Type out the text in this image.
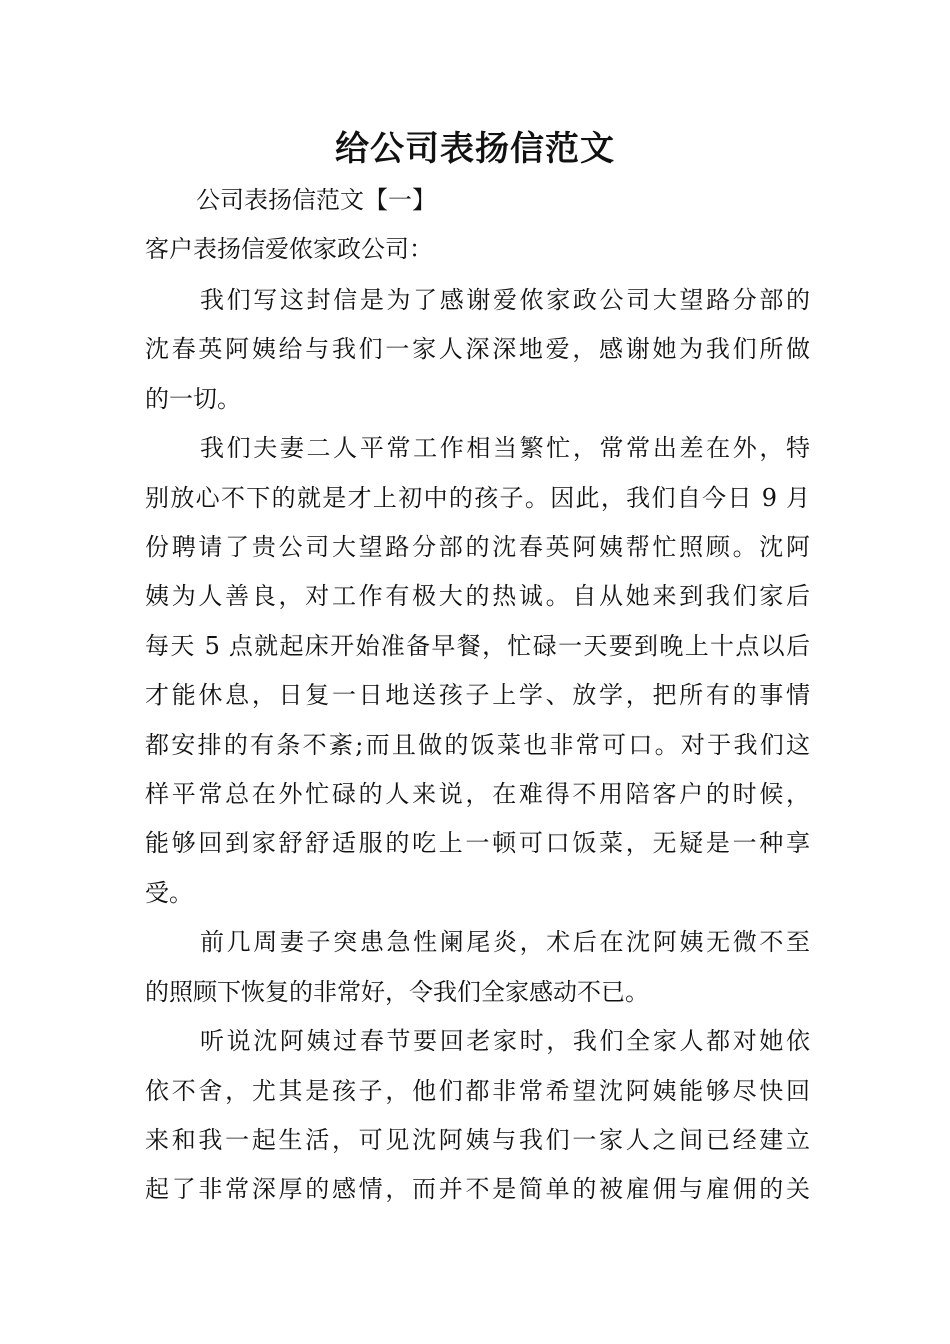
给公司表扬信范文
公司表扬信范文【一】
客户表扬信爱侬家政公司：
我们写这封信是为了感谢爱侬家政公司大望路分部的
沈春英阿姨给与我们一家人深深地爱，感谢她为我们所做
的一切。
我们夫妻二人平常工作相当繁忙，常常出差在外，特
别放心不下的就是才上初中的孩子。因此，我们自今日 9 月
份聘请了贵公司大望路分部的沈春英阿姨帮忙照顾。沈阿
姨为人善良，对工作有极大的热诚。自从她来到我们家后
每天 5 点就起床开始准备早餐，忙碌一天要到晚上十点以后
才能休息，日复一日地送孩子上学、放学，把所有的事情
都安排的有条不紊;而且做的饭菜也非常可口。对于我们这
样平常总在外忙碌的人来说，在难得不用陪客户的时候，
能够回到家舒舒适服的吃上一顿可口饭菜，无疑是一种享
受。
前几周妻子突患急性阑尾炎，术后在沈阿姨无微不至
的照顾下恢复的非常好，令我们全家感动不已。
听说沈阿姨过春节要回老家时，我们全家人都对她依
依不舍，尤其是孩子，他们都非常希望沈阿姨能够尽快回
来和我一起生活，可见沈阿姨与我们一家人之间已经建立
起了非常深厚的感情，而并不是简单的被雇佣与雇佣的关
